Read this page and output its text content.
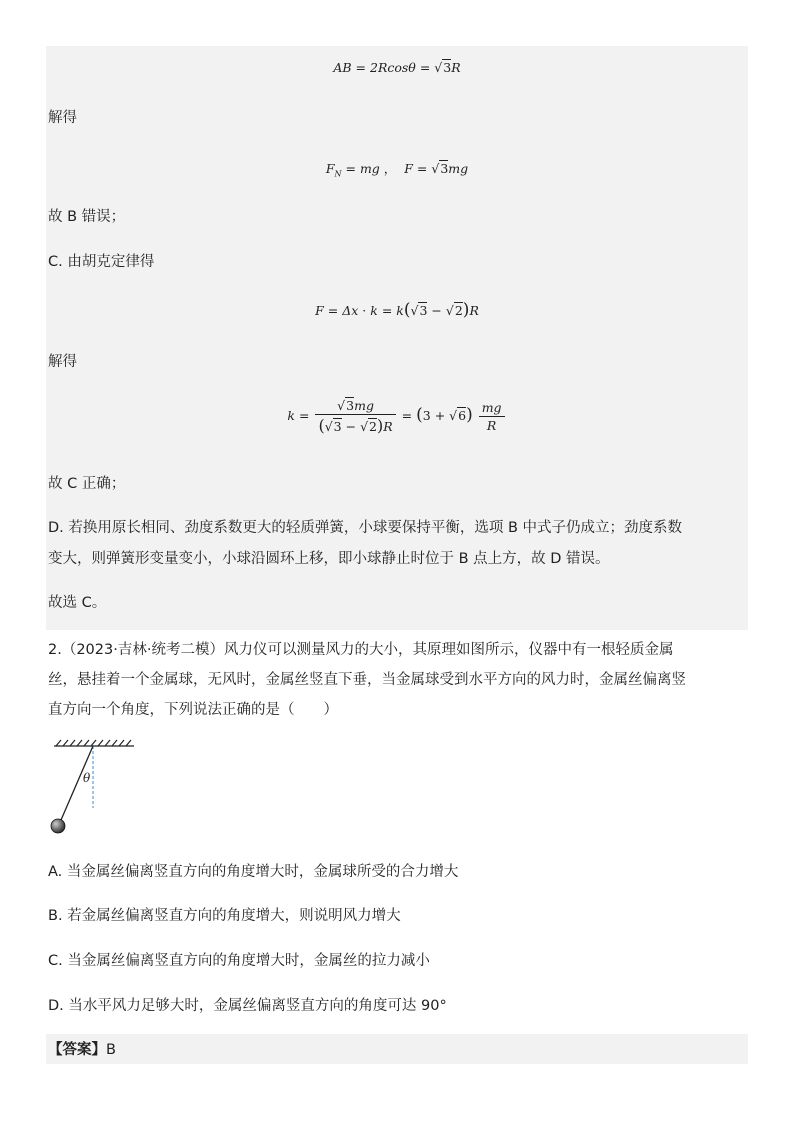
AB = 2Rcosθ = √3R
解得
$F_N$ = mg ，  F = √3mg
故 B 错误；
C. 由胡克定律得
F = Δx · k = k(√3 − √2)R
解得
$k = \frac{√3mg}{(√3 - √2)R} = (3 + √6) \frac{mg}{R}$
故 C 正确；
D. 若换用原长相同、劲度系数更大的轻质弹簧，小球要保持平衡，选项 B 中式子仍成立；劲度系数
变大，则弹簧形变量变小，小球沿圆环上移，即小球静止时位于 B 点上方，故 D 错误。
故选 C。
2.（2023·吉林·统考二模）风力仪可以测量风力的大小，其原理如图所示，仪器中有一根轻质金属
丝，悬挂着一个金属球，无风时，金属丝竖直下垂，当金属球受到水平方向的风力时，金属丝偏离竖
直方向一个角度，下列说法正确的是（　　）
θ
A. 当金属丝偏离竖直方向的角度增大时，金属球所受的合力增大
B. 若金属丝偏离竖直方向的角度增大，则说明风力增大
C. 当金属丝偏离竖直方向的角度增大时，金属丝的拉力减小
D. 当水平风力足够大时，金属丝偏离竖直方向的角度可达 90°
【答案】B
